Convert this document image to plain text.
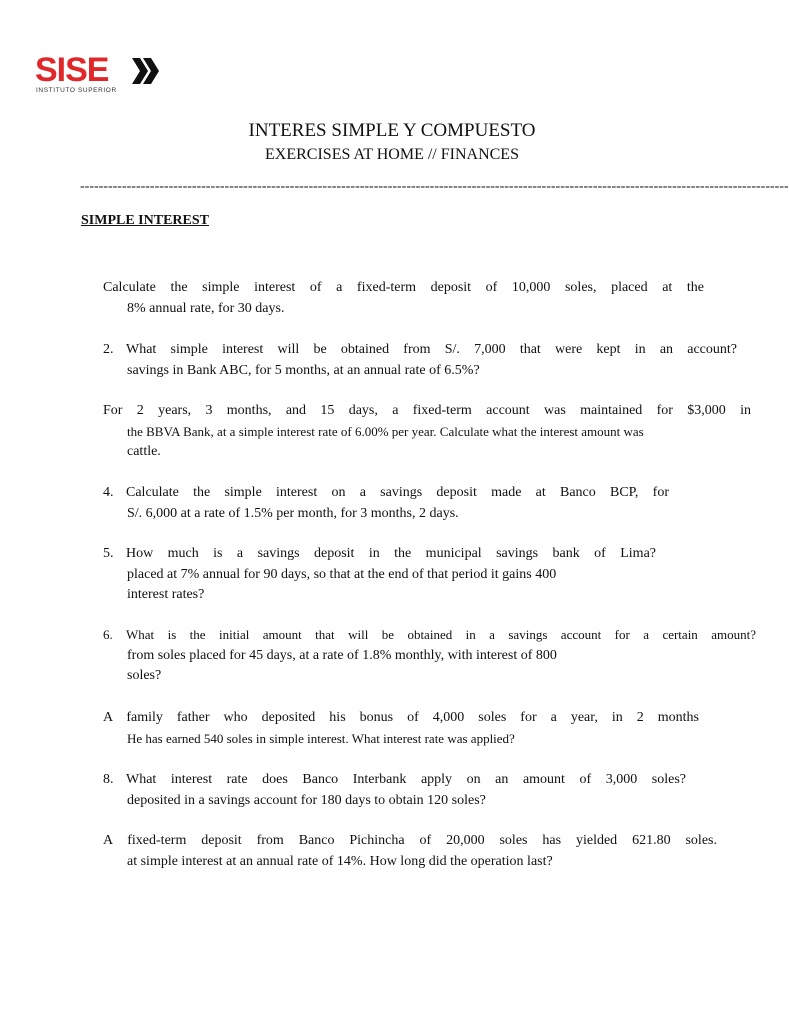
SISE
INSTITUTO SUPERIOR
INTERES SIMPLE Y COMPUESTO
EXERCISES AT HOME // FINANCES
--------------------------------------------------------------------------------------------------------------------------------------------------------
SIMPLE INTEREST
Calculate the simple interest of a fixed-term deposit of 10,000 soles, placed at the
8% annual rate, for 30 days.
2. What simple interest will be obtained from S/. 7,000 that were kept in an account?
savings in Bank ABC, for 5 months, at an annual rate of 6.5%?
For 2 years, 3 months, and 15 days, a fixed-term account was maintained for $3,000 in
the BBVA Bank, at a simple interest rate of 6.00% per year. Calculate what the interest amount was
cattle.
4. Calculate the simple interest on a savings deposit made at Banco BCP, for
S/. 6,000 at a rate of 1.5% per month, for 3 months, 2 days.
5. How much is a savings deposit in the municipal savings bank of Lima?
placed at 7% annual for 90 days, so that at the end of that period it gains 400
interest rates?
6. What is the initial amount that will be obtained in a savings account for a certain amount?
from soles placed for 45 days, at a rate of 1.8% monthly, with interest of 800
soles?
A family father who deposited his bonus of 4,000 soles for a year, in 2 months
He has earned 540 soles in simple interest. What interest rate was applied?
8. What interest rate does Banco Interbank apply on an amount of 3,000 soles?
deposited in a savings account for 180 days to obtain 120 soles?
A fixed-term deposit from Banco Pichincha of 20,000 soles has yielded 621.80 soles.
at simple interest at an annual rate of 14%. How long did the operation last?
